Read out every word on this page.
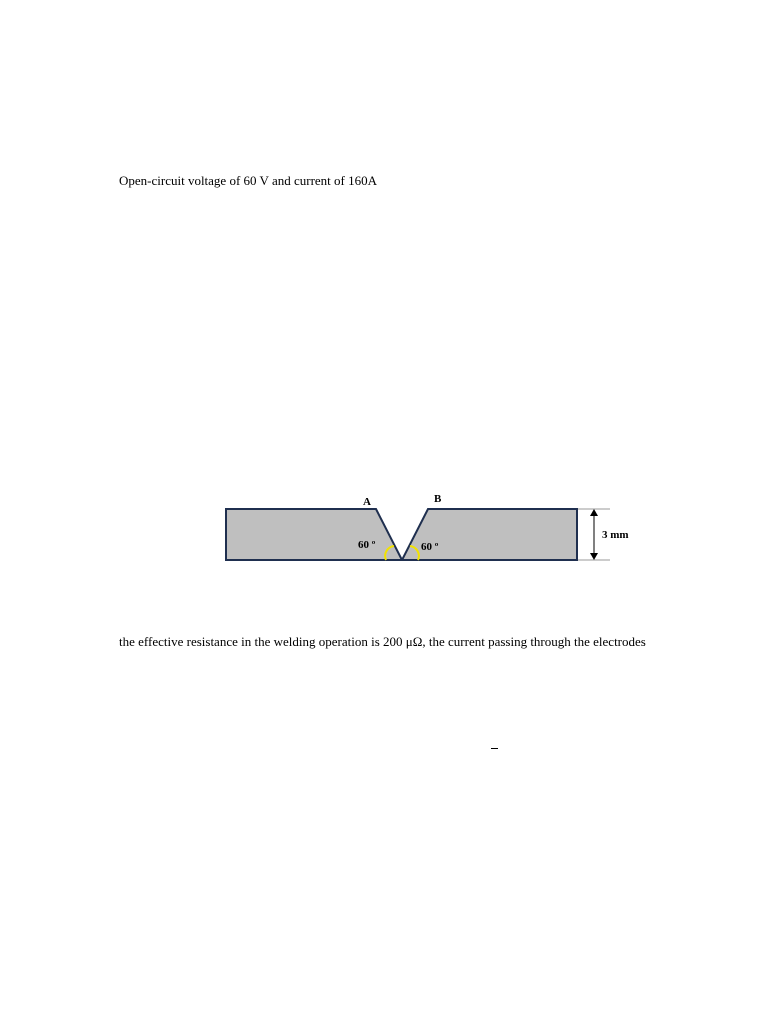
Open-circuit voltage of 60 V and current of 160A
A	B
60 º	60 º
3 mm
the effective resistance in the welding operation is 200 μΩ, the current passing through the electrodes
